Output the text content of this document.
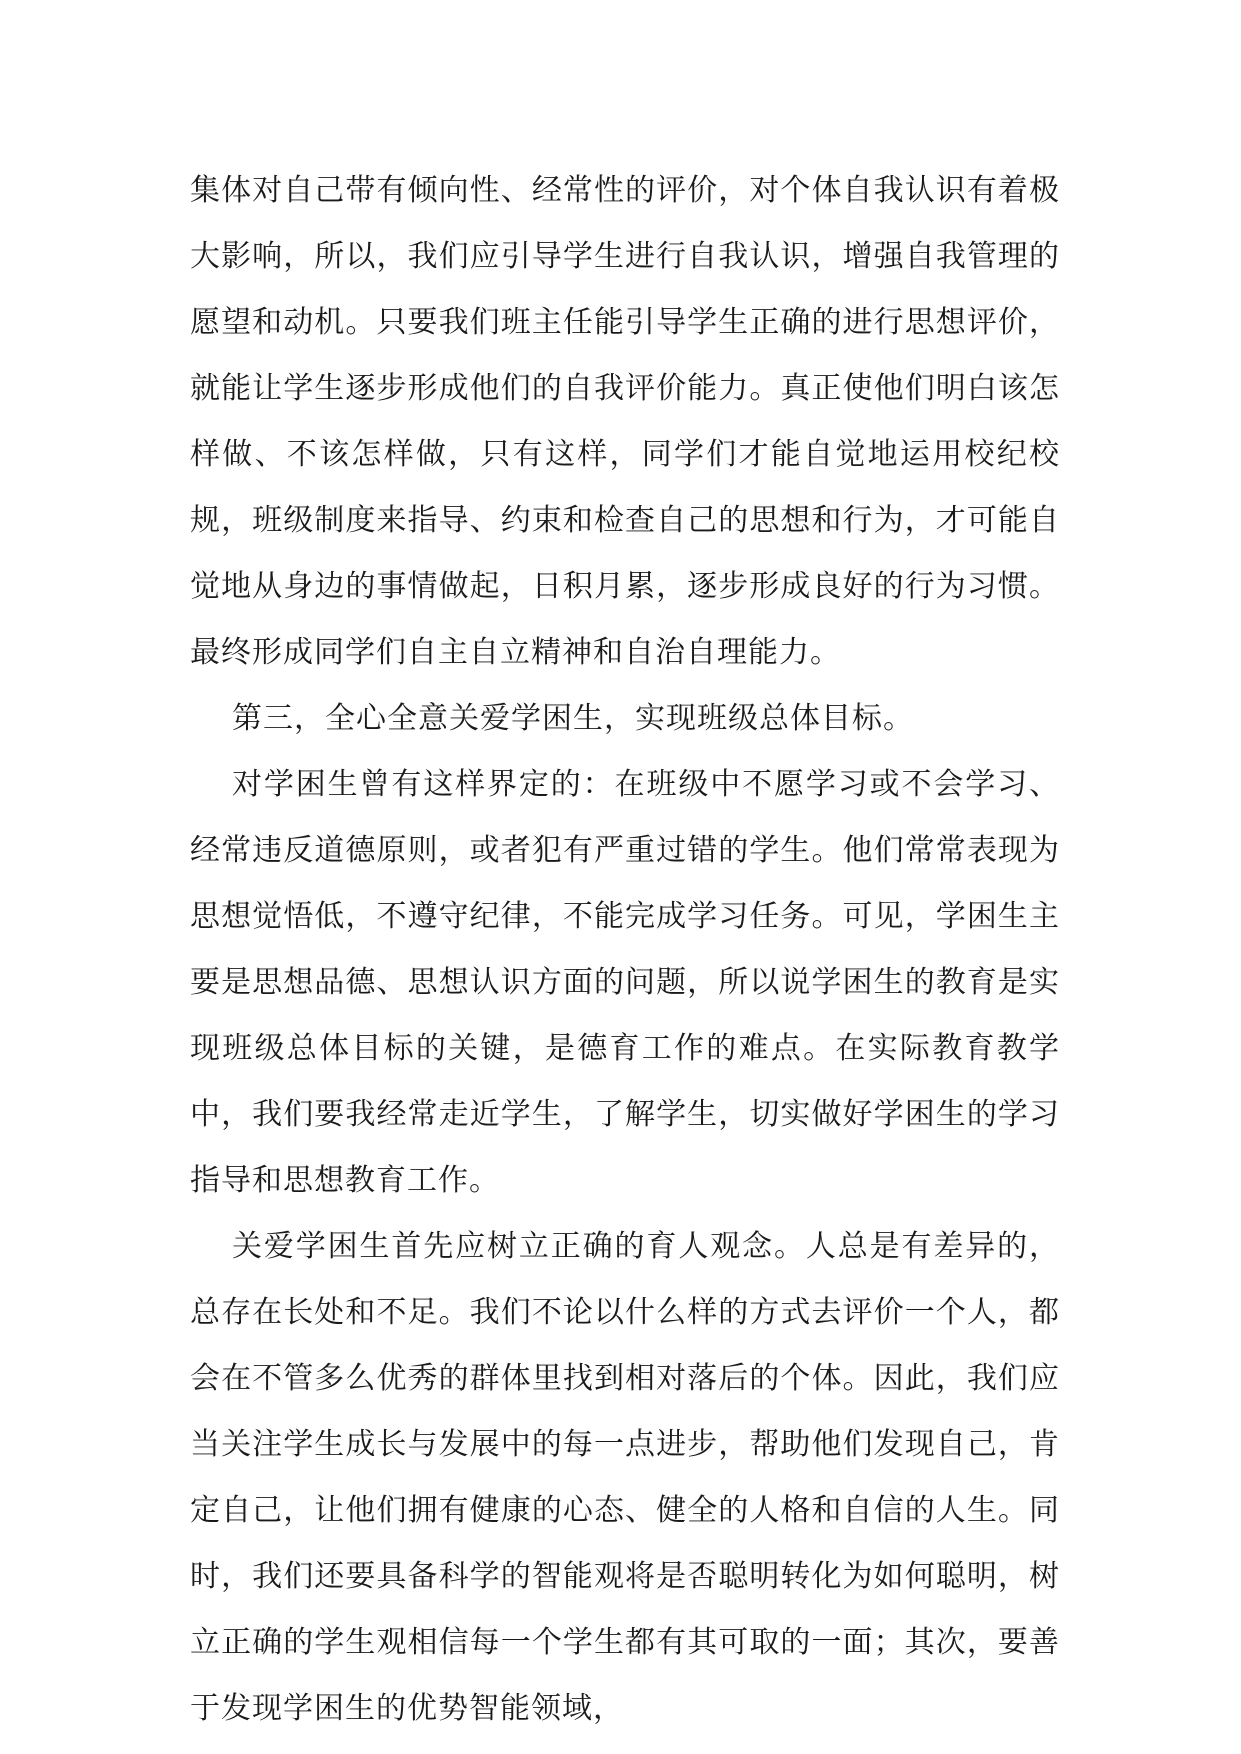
集体对自己带有倾向性、经常性的评价，对个体自我认识有着极大影响，所以，我们应引导学生进行自我认识，增强自我管理的愿望和动机。只要我们班主任能引导学生正确的进行思想评价，就能让学生逐步形成他们的自我评价能力。真正使他们明白该怎样做、不该怎样做，只有这样，同学们才能自觉地运用校纪校规，班级制度来指导、约束和检查自己的思想和行为，才可能自觉地从身边的事情做起，日积月累，逐步形成良好的行为习惯。最终形成同学们自主自立精神和自治自理能力。

第三，全心全意关爱学困生，实现班级总体目标。

对学困生曾有这样界定的：在班级中不愿学习或不会学习、经常违反道德原则，或者犯有严重过错的学生。他们常常表现为思想觉悟低，不遵守纪律，不能完成学习任务。可见，学困生主要是思想品德、思想认识方面的问题，所以说学困生的教育是实现班级总体目标的关键，是德育工作的难点。在实际教育教学中，我们要我经常走近学生，了解学生，切实做好学困生的学习指导和思想教育工作。

关爱学困生首先应树立正确的育人观念。人总是有差异的，总存在长处和不足。我们不论以什么样的方式去评价一个人，都会在不管多么优秀的群体里找到相对落后的个体。因此，我们应当关注学生成长与发展中的每一点进步，帮助他们发现自己，肯定自己，让他们拥有健康的心态、健全的人格和自信的人生。同时，我们还要具备科学的智能观将是否聪明转化为如何聪明，树立正确的学生观相信每一个学生都有其可取的一面；其次，要善于发现学困生的优势智能领域，
